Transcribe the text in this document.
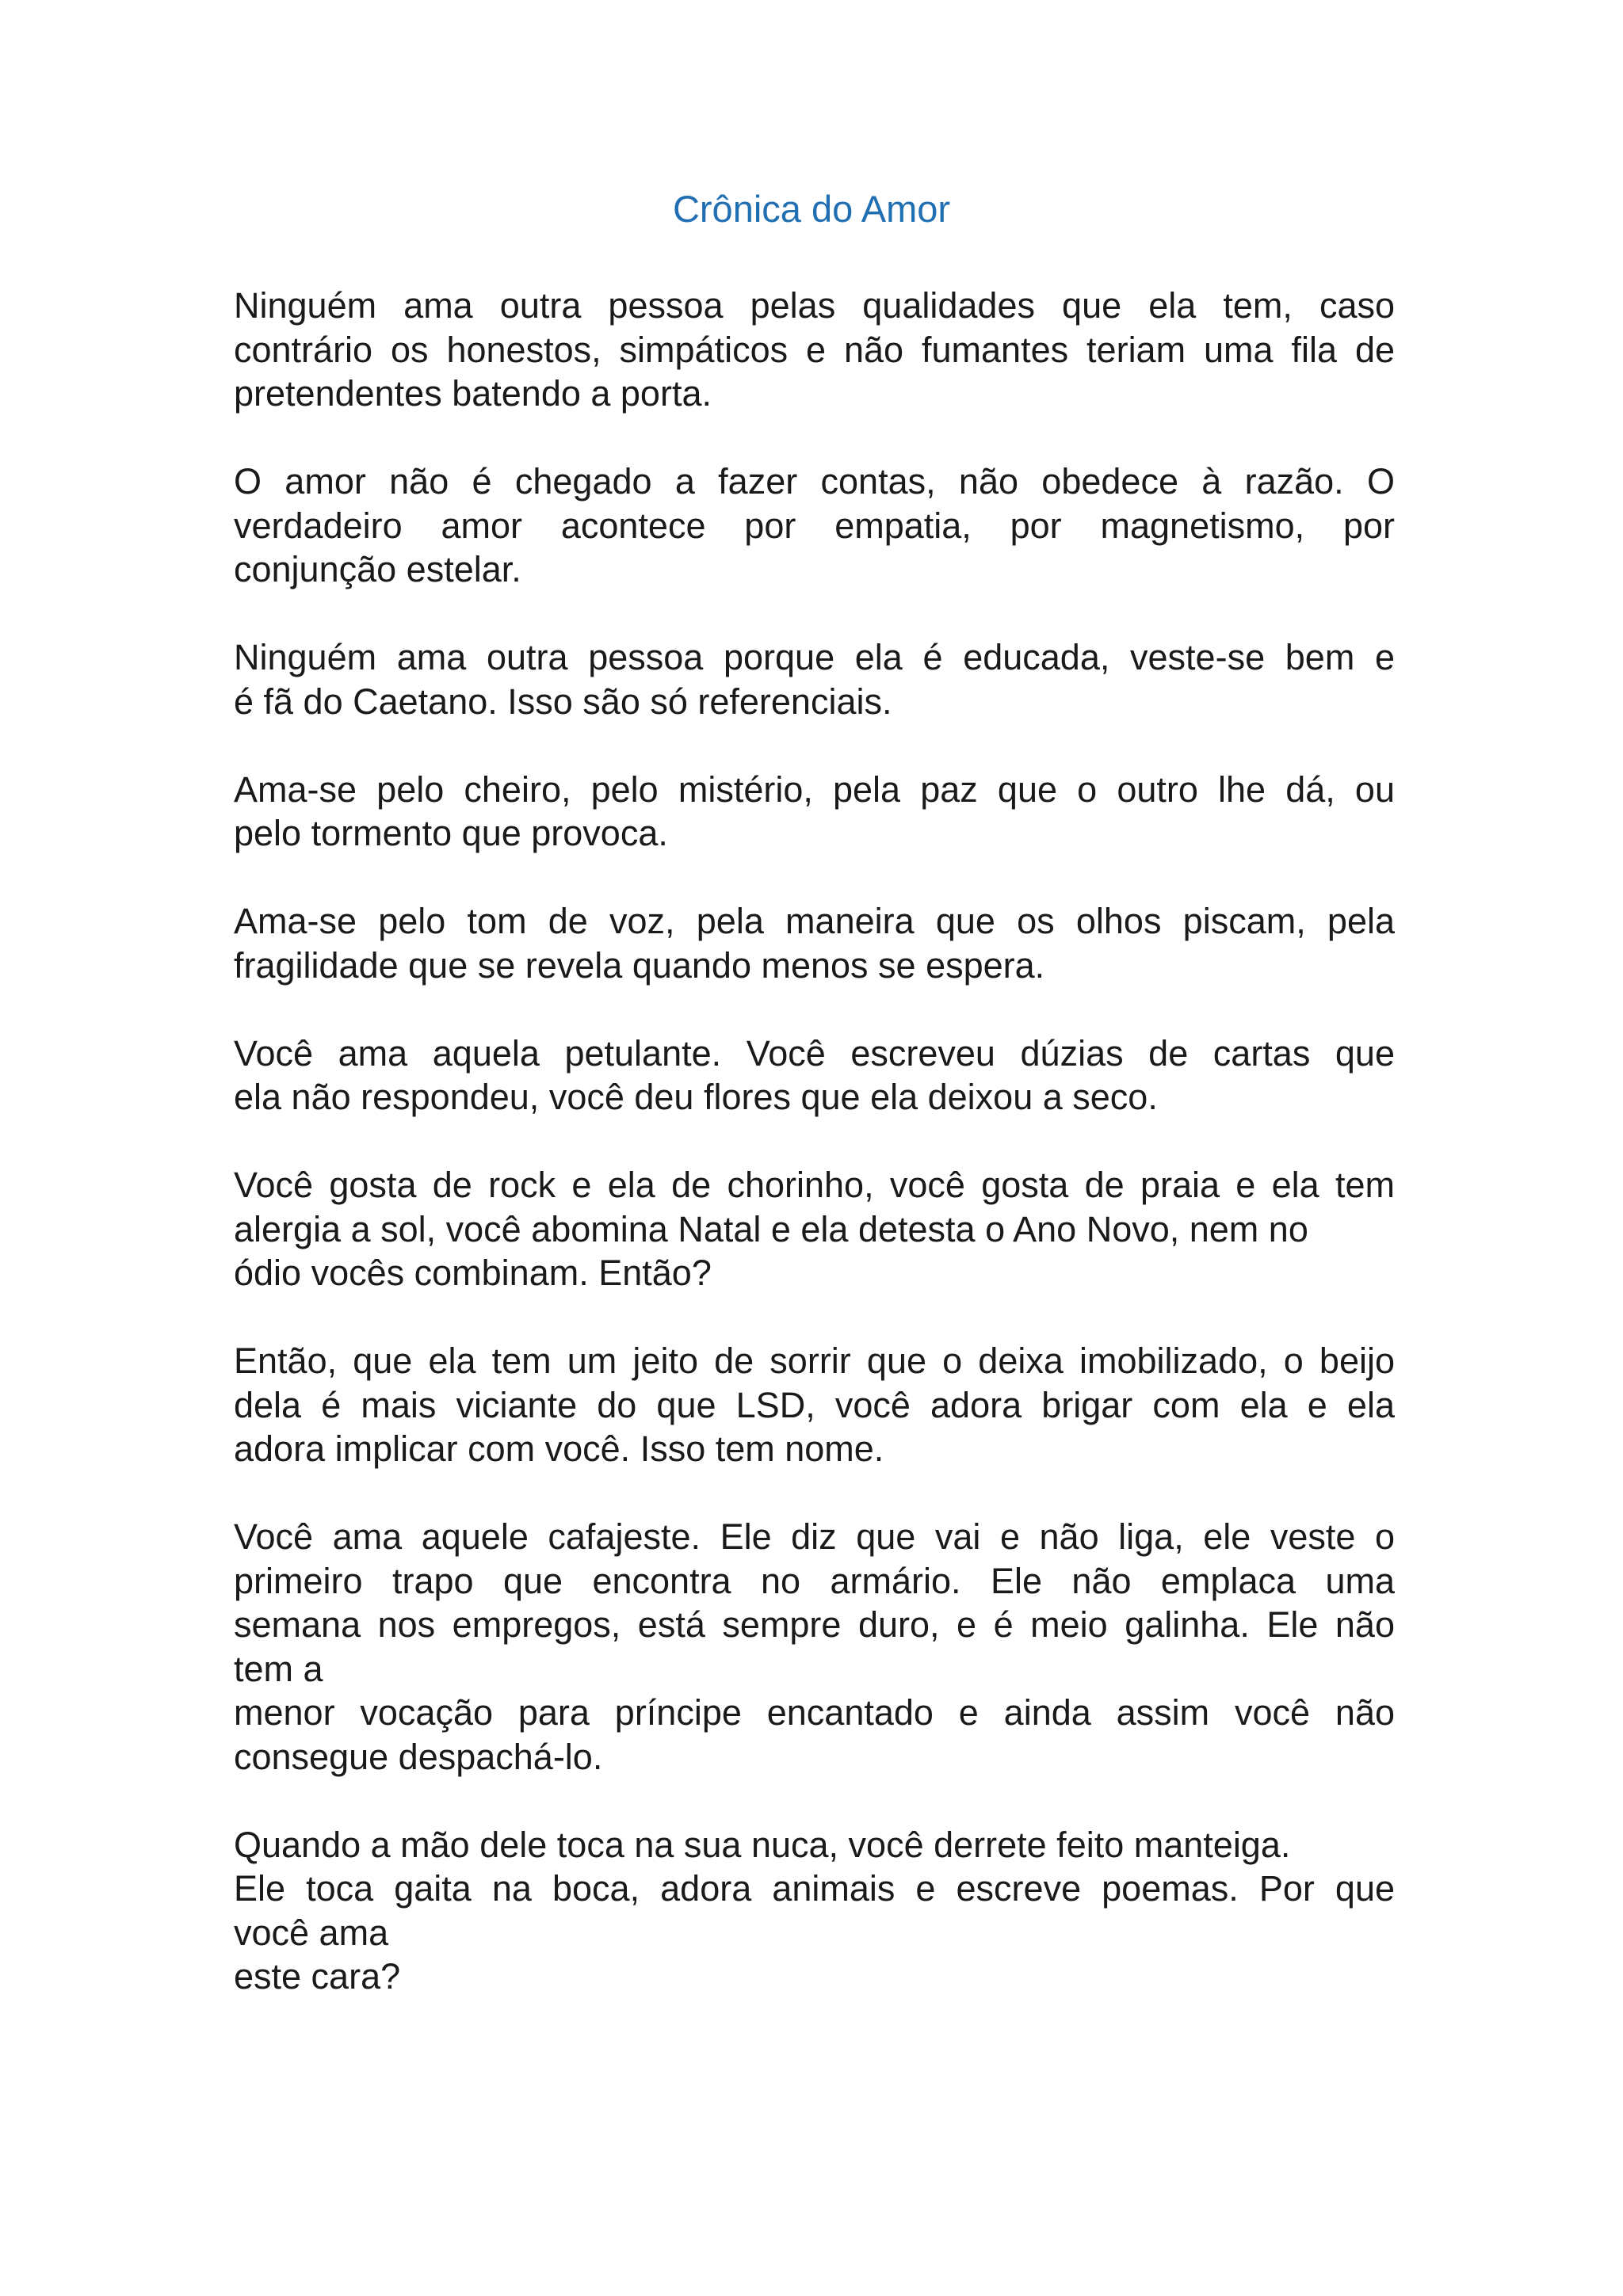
Crônica do Amor

Ninguém ama outra pessoa pelas qualidades que ela tem, caso
contrário os honestos, simpáticos e não fumantes teriam uma fila de
pretendentes batendo a porta.

O amor não é chegado a fazer contas, não obedece à razão. O
verdadeiro amor acontece por empatia, por magnetismo, por
conjunção estelar.

Ninguém ama outra pessoa porque ela é educada, veste-se bem e
é fã do Caetano. Isso são só referenciais.

Ama-se pelo cheiro, pelo mistério, pela paz que o outro lhe dá, ou
pelo tormento que provoca.

Ama-se pelo tom de voz, pela maneira que os olhos piscam, pela
fragilidade que se revela quando menos se espera.

Você ama aquela petulante. Você escreveu dúzias de cartas que
ela não respondeu, você deu flores que ela deixou a seco.

Você gosta de rock e ela de chorinho, você gosta de praia e ela tem
alergia a sol, você abomina Natal e ela detesta o Ano Novo, nem no
ódio vocês combinam. Então?

Então, que ela tem um jeito de sorrir que o deixa imobilizado, o beijo
dela é mais viciante do que LSD, você adora brigar com ela e ela
adora implicar com você. Isso tem nome.

Você ama aquele cafajeste. Ele diz que vai e não liga, ele veste o
primeiro trapo que encontra no armário. Ele não emplaca uma
semana nos empregos, está sempre duro, e é meio galinha. Ele não
tem a
menor vocação para príncipe encantado e ainda assim você não
consegue despachá-lo.

Quando a mão dele toca na sua nuca, você derrete feito manteiga.
Ele toca gaita na boca, adora animais e escreve poemas. Por que
você ama
este cara?
